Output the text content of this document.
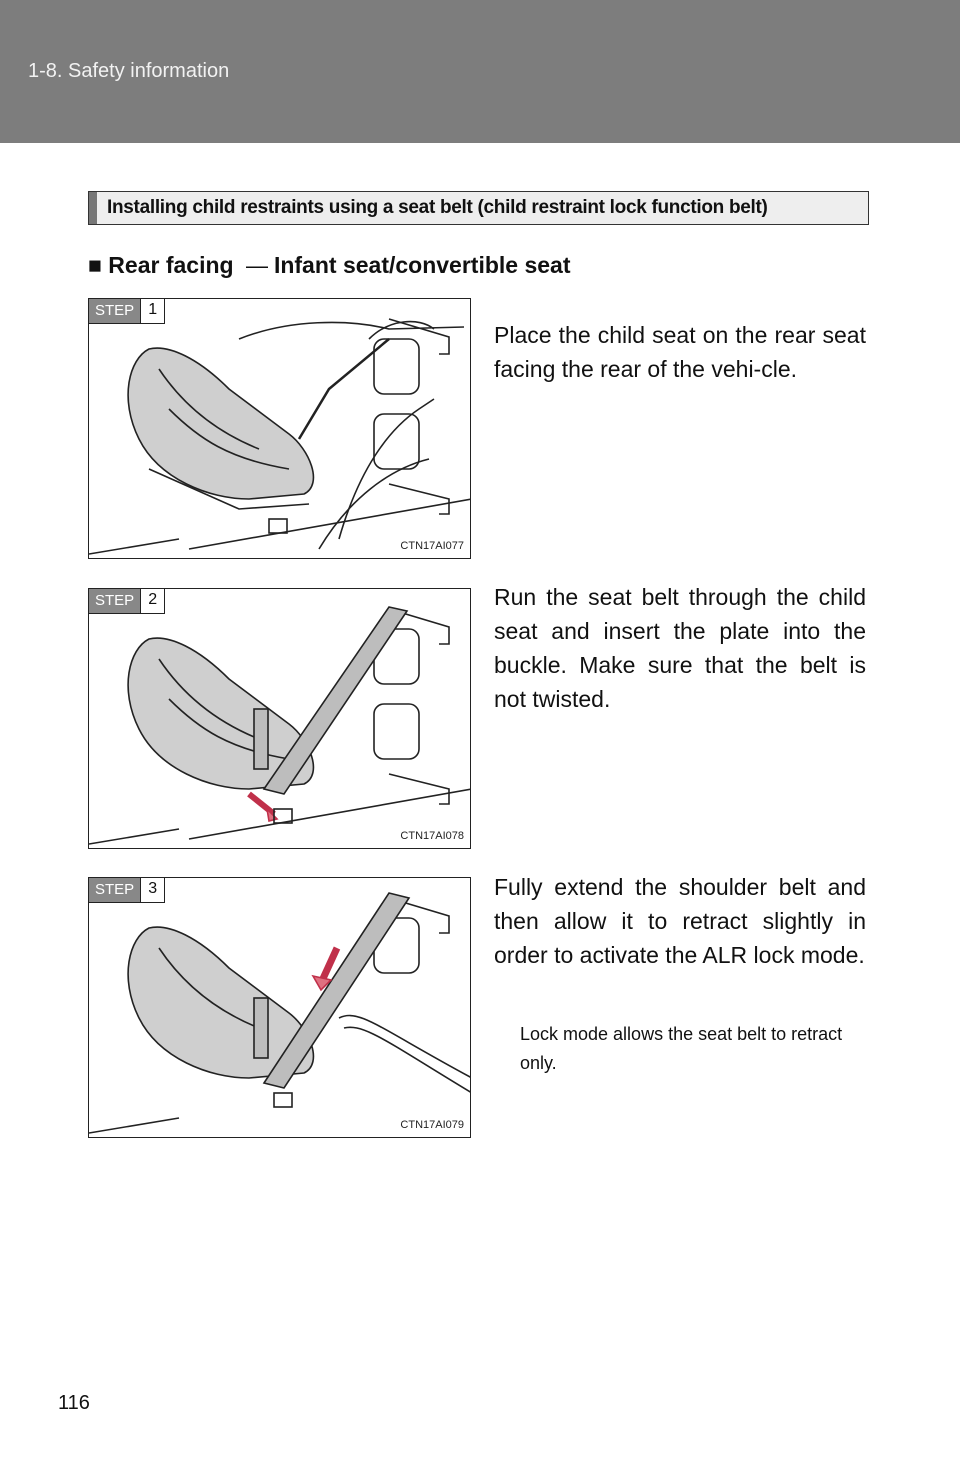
1-8. Safety information
Installing child restraints using a seat belt (child restraint lock function belt)
■ Rear facing — Infant seat/convertible seat
STEP 1
CTN17AI077
Place the child seat on the rear seat facing the rear of the vehi-cle.
STEP 2
CTN17AI078
Run the seat belt through the child seat and insert the plate into the buckle. Make sure that the belt is not twisted.
STEP 3
CTN17AI079
Fully extend the shoulder belt and then allow it to retract slightly in order to activate the ALR lock mode.
Lock mode allows the seat belt to retract only.
116
